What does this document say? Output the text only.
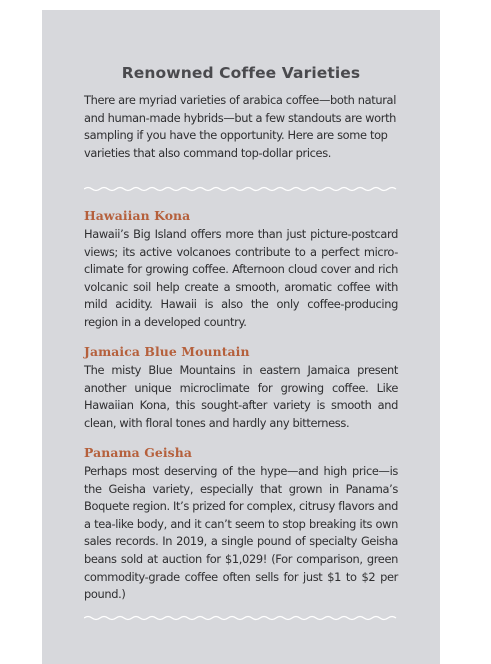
Renowned Coffee Varieties

There are myriad varieties of arabica coffee—both natural and human-made hybrids—but a few standouts are worth sampling if you have the opportunity. Here are some top varieties that also command top-dollar prices.

Hawaiian Kona

Hawaii’s Big Island offers more than just picture-postcard views; its active volcanoes contribute to a perfect micro-climate for growing coffee. Afternoon cloud cover and rich volcanic soil help create a smooth, aromatic coffee with mild acidity. Hawaii is also the only coffee-producing region in a developed country.

Jamaica Blue Mountain

The misty Blue Mountains in eastern Jamaica present another unique microclimate for growing coffee. Like Hawaiian Kona, this sought-after variety is smooth and clean, with floral tones and hardly any bitterness.

Panama Geisha

Perhaps most deserving of the hype—and high price—is the Geisha variety, especially that grown in Panama’s Boquete region. It’s prized for complex, citrusy flavors and a tea-like body, and it can’t seem to stop breaking its own sales records. In 2019, a single pound of specialty Geisha beans sold at auction for $1,029! (For comparison, green commodity-grade coffee often sells for just $1 to $2 per pound.)
